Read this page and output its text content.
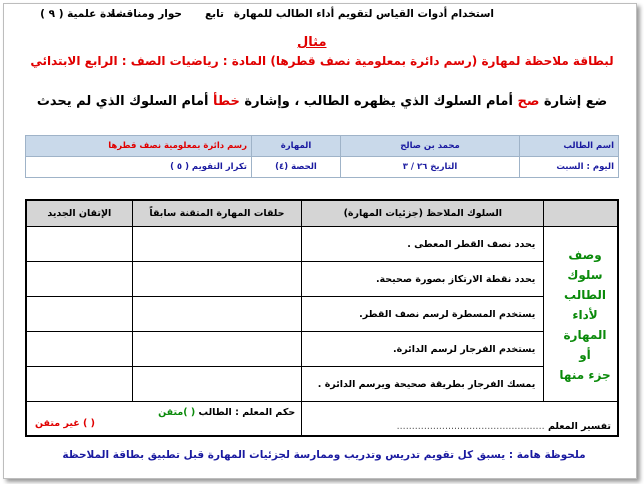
مادة علمية ( ٩ )
حوار ومناقشة تابع استخدام أدوات القياس لتقويم أداء الطالب للمهارة
مثال
لبطاقة ملاحظة لمهارة (رسم دائرة بمعلومية نصف قطرها) المادة : رياضيات الصف : الرابع الابتدائي
ضع إشارة صح أمام السلوك الذي يظهره الطالب ، وإشارة خطأ أمام السلوك الذي لم يحدث
اسم الطالب	محمد بن صالح	المهارة	رسم دائرة بمعلومية نصف قطرها
اليوم : السبت	التاريخ ٢٦ / ٣	الحصة (٤)	تكرار التقويم ( ٥ )
	السلوك الملاحظ (جزئيات المهارة)	حلقات المهارة المتقنة سابقاً	الإتقان الجديد
	يحدد نصف القطر المعطى .		
	يحدد نقطة الارتكاز بصورة صحيحة.		
	يستخدم المسطرة لرسم نصف القطر.		
	يستخدم الفرجار لرسم الدائرة.		
	يمسك الفرجار بطريقة صحيحة ويرسم الدائرة .		
تفسير المعلم .................................................		حكم المعلم : الطالب ( )متقن
( ) غير متقن	
وصف
سلوك
الطالب
لأداء
المهارة
أو
جزء منها
ملحوظة هامة : يسبق كل تقويم تدريس وتدريب وممارسة لجزئيات المهارة قبل تطبيق بطاقة الملاحظة
